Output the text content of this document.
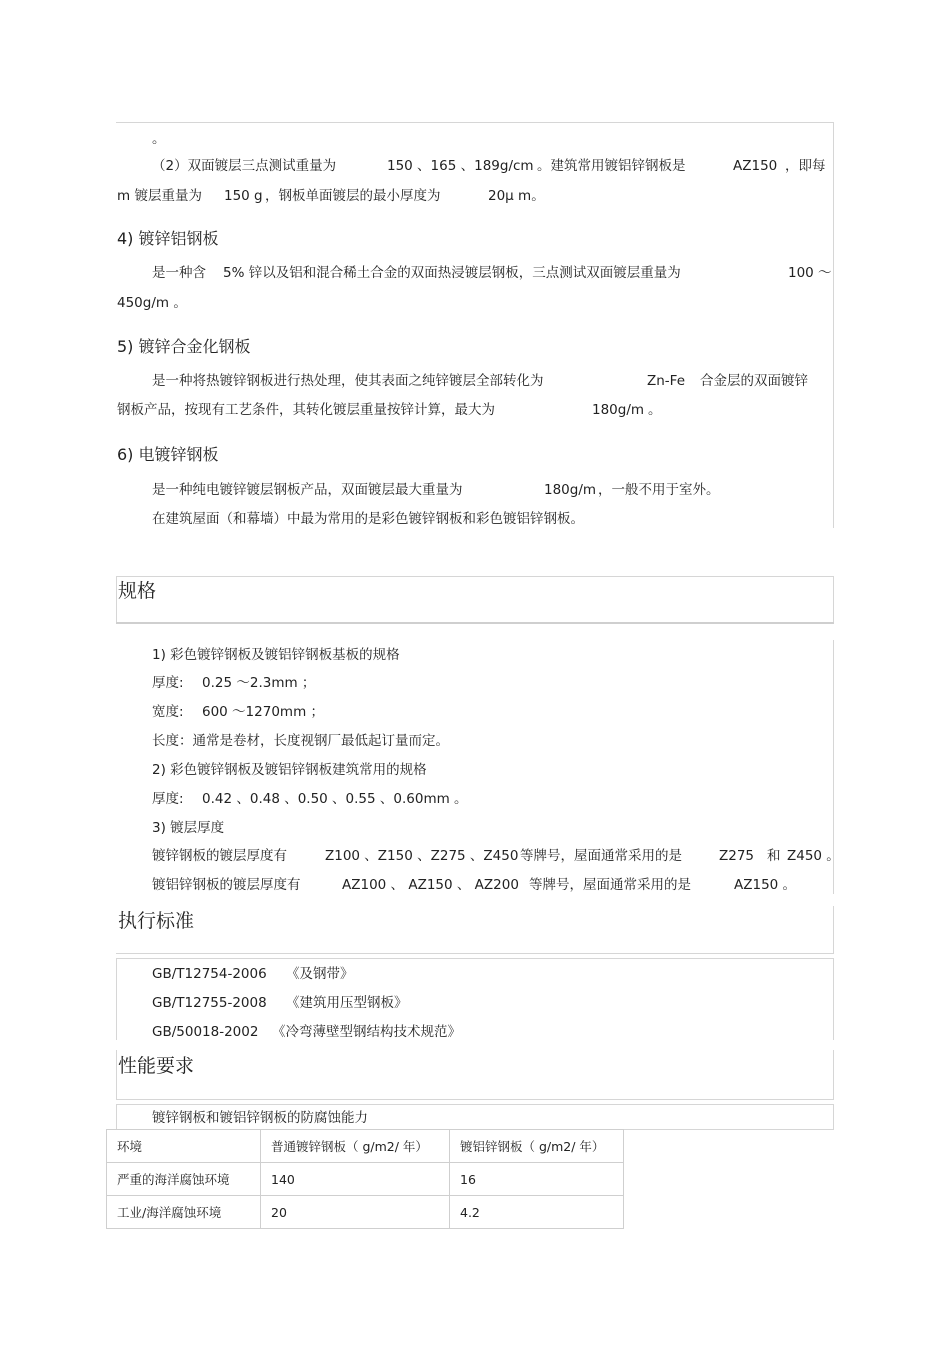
。
（2）双面镀层三点测试重量为	150 、165 、189g/cm 。建筑常用镀铝锌钢板是	AZ150 ，即每
m 镀层重量为 150 g ，钢板单面镀层的最小厚度为	20μ m。
4) 镀锌铝钢板
是一种含 5% 锌以及铝和混合稀土合金的双面热浸镀层钢板，三点测试双面镀层重量为	100 ～
450g/m 。
5) 镀锌合金化钢板
是一种将热镀锌钢板进行热处理，使其表面之纯锌镀层全部转化为	Zn-Fe 合金层的双面镀锌
钢板产品，按现有工艺条件，其转化镀层重量按锌计算，最大为	180g/m 。
6) 电镀锌钢板
是一种纯电镀锌镀层钢板产品，双面镀层最大重量为	180g/m ，一般不用于室外。
在建筑屋面（和幕墙）中最为常用的是彩色镀锌钢板和彩色镀铝锌钢板。
规格
1) 彩色镀锌钢板及镀铝锌钢板基板的规格
厚度: 0.25 ～2.3mm ；
宽度: 600 ～1270mm ；
长度：通常是卷材，长度视钢厂最低起订量而定。
2) 彩色镀锌钢板及镀铝锌钢板建筑常用的规格
厚度: 0.42 、0.48 、0.50 、0.55 、0.60mm 。
3) 镀层厚度
镀锌钢板的镀层厚度有	Z100 、Z150 、Z275 、Z450 等牌号，屋面通常采用的是	Z275 和 Z450 。
镀铝锌钢板的镀层厚度有	AZ100 、 AZ150 、 AZ200 等牌号，屋面通常采用的是	AZ150 。
执行标准
GB/T12754-2006 《及钢带》
GB/T12755-2008 《建筑用压型钢板》
GB/50018-2002 《冷弯薄壁型钢结构技术规范》
性能要求
镀锌钢板和镀铝锌钢板的防腐蚀能力
环境	普通镀锌钢板（ g/m2/ 年）	镀铝锌钢板（ g/m2/ 年）
严重的海洋腐蚀环境	140	16
工业/海洋腐蚀环境	20	4.2
